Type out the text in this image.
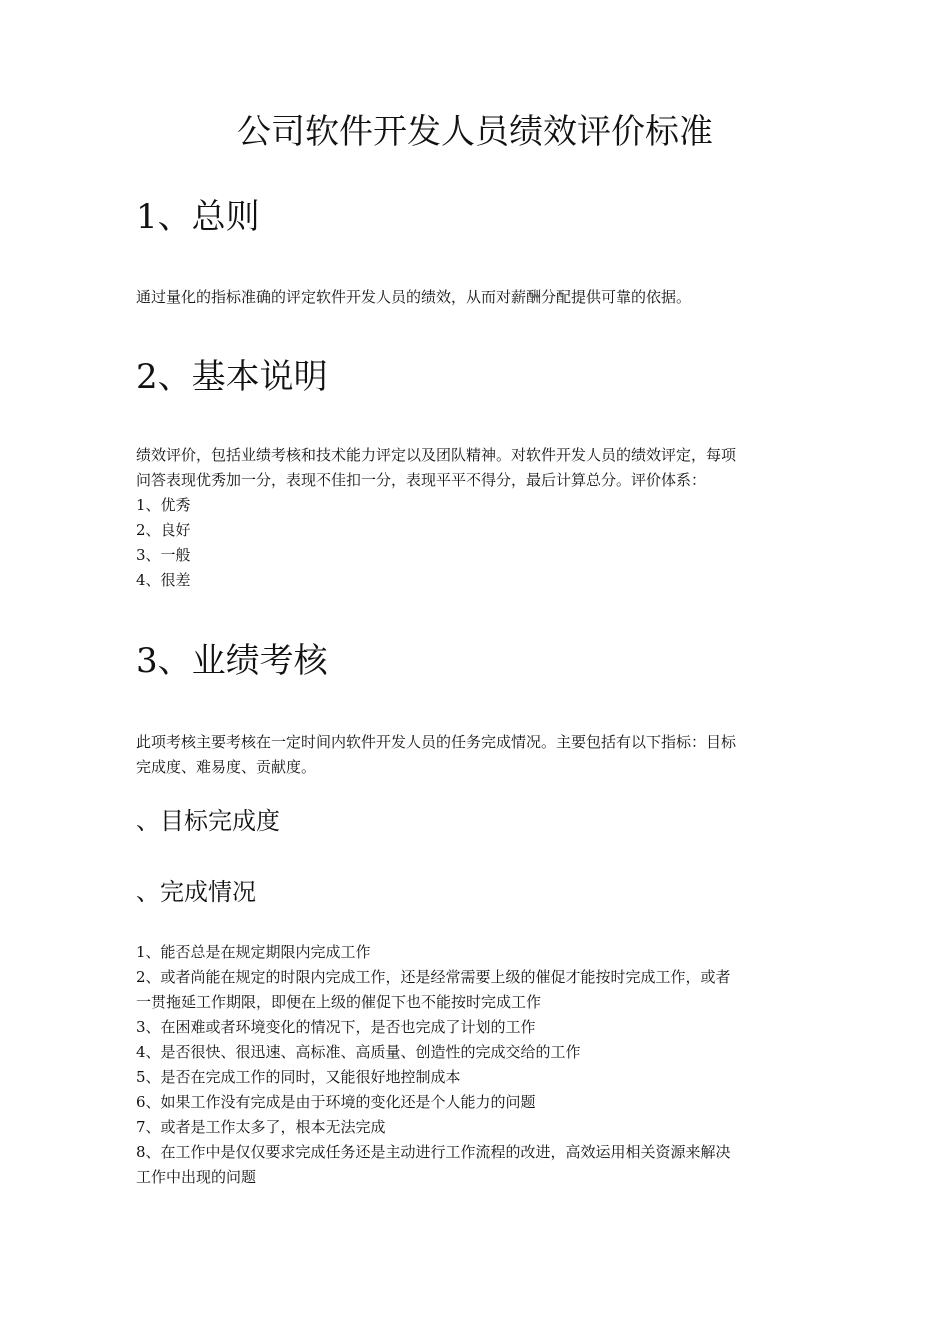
公司软件开发人员绩效评价标准
1、总则

通过量化的指标准确的评定软件开发人员的绩效，从而对薪酬分配提供可靠的依据。

2、基本说明
绩效评价，包括业绩考核和技术能力评定以及团队精神。对软件开发人员的绩效评定，每项
问答表现优秀加一分，表现不佳扣一分，表现平平不得分，最后计算总分。评价体系：
1、优秀
2、良好
3、一般
4、很差
3、业绩考核
此项考核主要考核在一定时间内软件开发人员的任务完成情况。主要包括有以下指标：目标
完成度、难易度、贡献度。
、目标完成度
、完成情况
1、能否总是在规定期限内完成工作
2、或者尚能在规定的时限内完成工作，还是经常需要上级的催促才能按时完成工作，或者
一贯拖延工作期限，即便在上级的催促下也不能按时完成工作
3、在困难或者环境变化的情况下，是否也完成了计划的工作
4、是否很快、很迅速、高标准、高质量、创造性的完成交给的工作
5、是否在完成工作的同时，又能很好地控制成本
6、如果工作没有完成是由于环境的变化还是个人能力的问题
7、或者是工作太多了，根本无法完成
8、在工作中是仅仅要求完成任务还是主动进行工作流程的改进，高效运用相关资源来解决
工作中出现的问题
